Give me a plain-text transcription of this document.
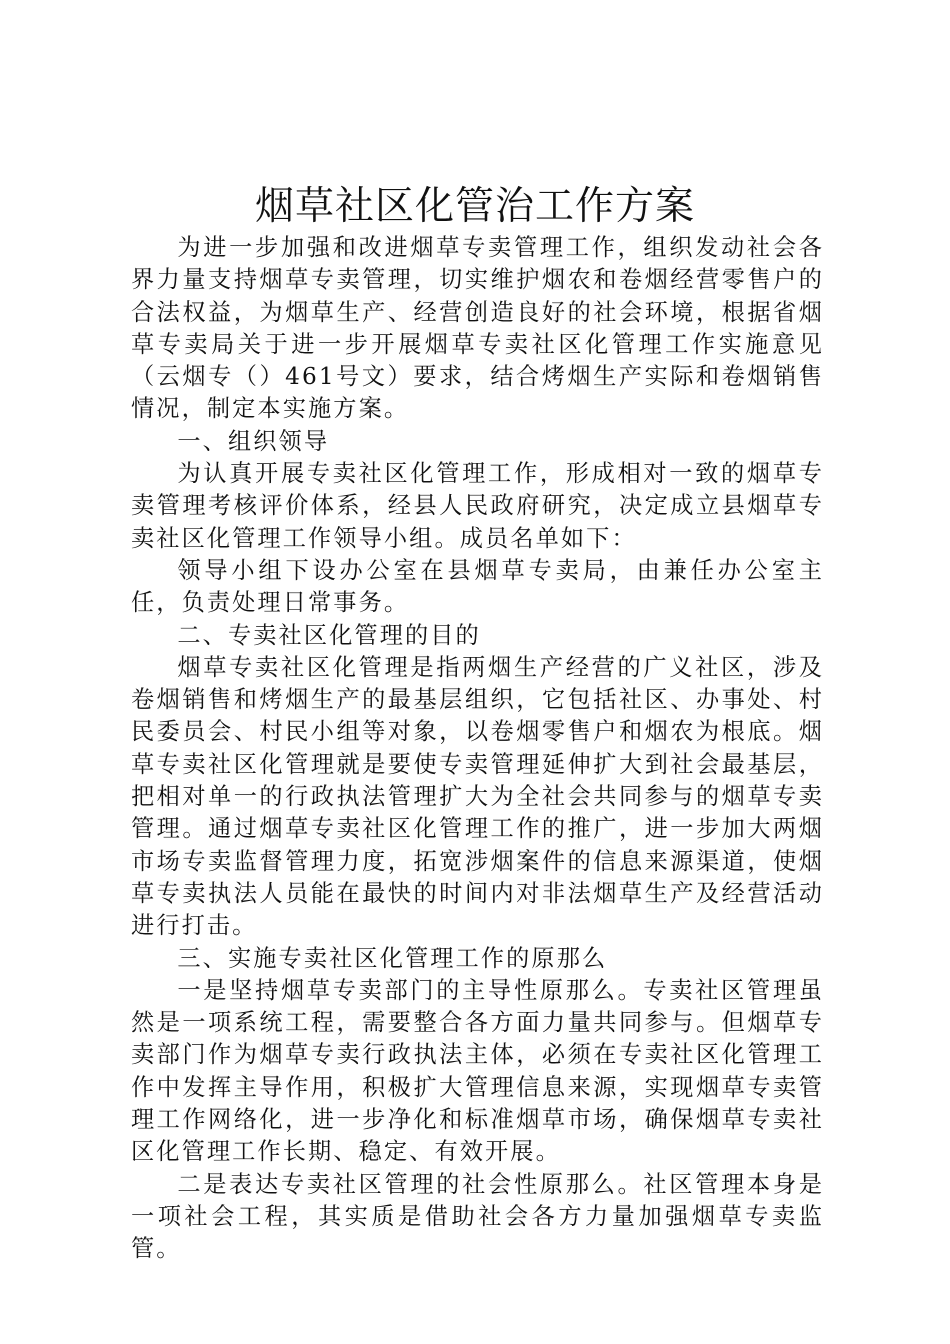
烟草社区化管治工作方案

为进一步加强和改进烟草专卖管理工作，组织发动社会各界力量支持烟草专卖管理，切实维护烟农和卷烟经营零售户的合法权益，为烟草生产、经营创造良好的社会环境，根据省烟草专卖局关于进一步开展烟草专卖社区化管理工作实施意见（云烟专（）461号文）要求，结合烤烟生产实际和卷烟销售情况，制定本实施方案。

一、组织领导

为认真开展专卖社区化管理工作，形成相对一致的烟草专卖管理考核评价体系，经县人民政府研究，决定成立县烟草专卖社区化管理工作领导小组。成员名单如下：

领导小组下设办公室在县烟草专卖局，由兼任办公室主任，负责处理日常事务。

二、专卖社区化管理的目的

烟草专卖社区化管理是指两烟生产经营的广义社区，涉及卷烟销售和烤烟生产的最基层组织，它包括社区、办事处、村民委员会、村民小组等对象，以卷烟零售户和烟农为根底。烟草专卖社区化管理就是要使专卖管理延伸扩大到社会最基层，把相对单一的行政执法管理扩大为全社会共同参与的烟草专卖管理。通过烟草专卖社区化管理工作的推广，进一步加大两烟市场专卖监督管理力度，拓宽涉烟案件的信息来源渠道，使烟草专卖执法人员能在最快的时间内对非法烟草生产及经营活动进行打击。

三、实施专卖社区化管理工作的原那么

一是坚持烟草专卖部门的主导性原那么。专卖社区管理虽然是一项系统工程，需要整合各方面力量共同参与。但烟草专卖部门作为烟草专卖行政执法主体，必须在专卖社区化管理工作中发挥主导作用，积极扩大管理信息来源，实现烟草专卖管理工作网络化，进一步净化和标准烟草市场，确保烟草专卖社区化管理工作长期、稳定、有效开展。

二是表达专卖社区管理的社会性原那么。社区管理本身是一项社会工程，其实质是借助社会各方力量加强烟草专卖监管。
